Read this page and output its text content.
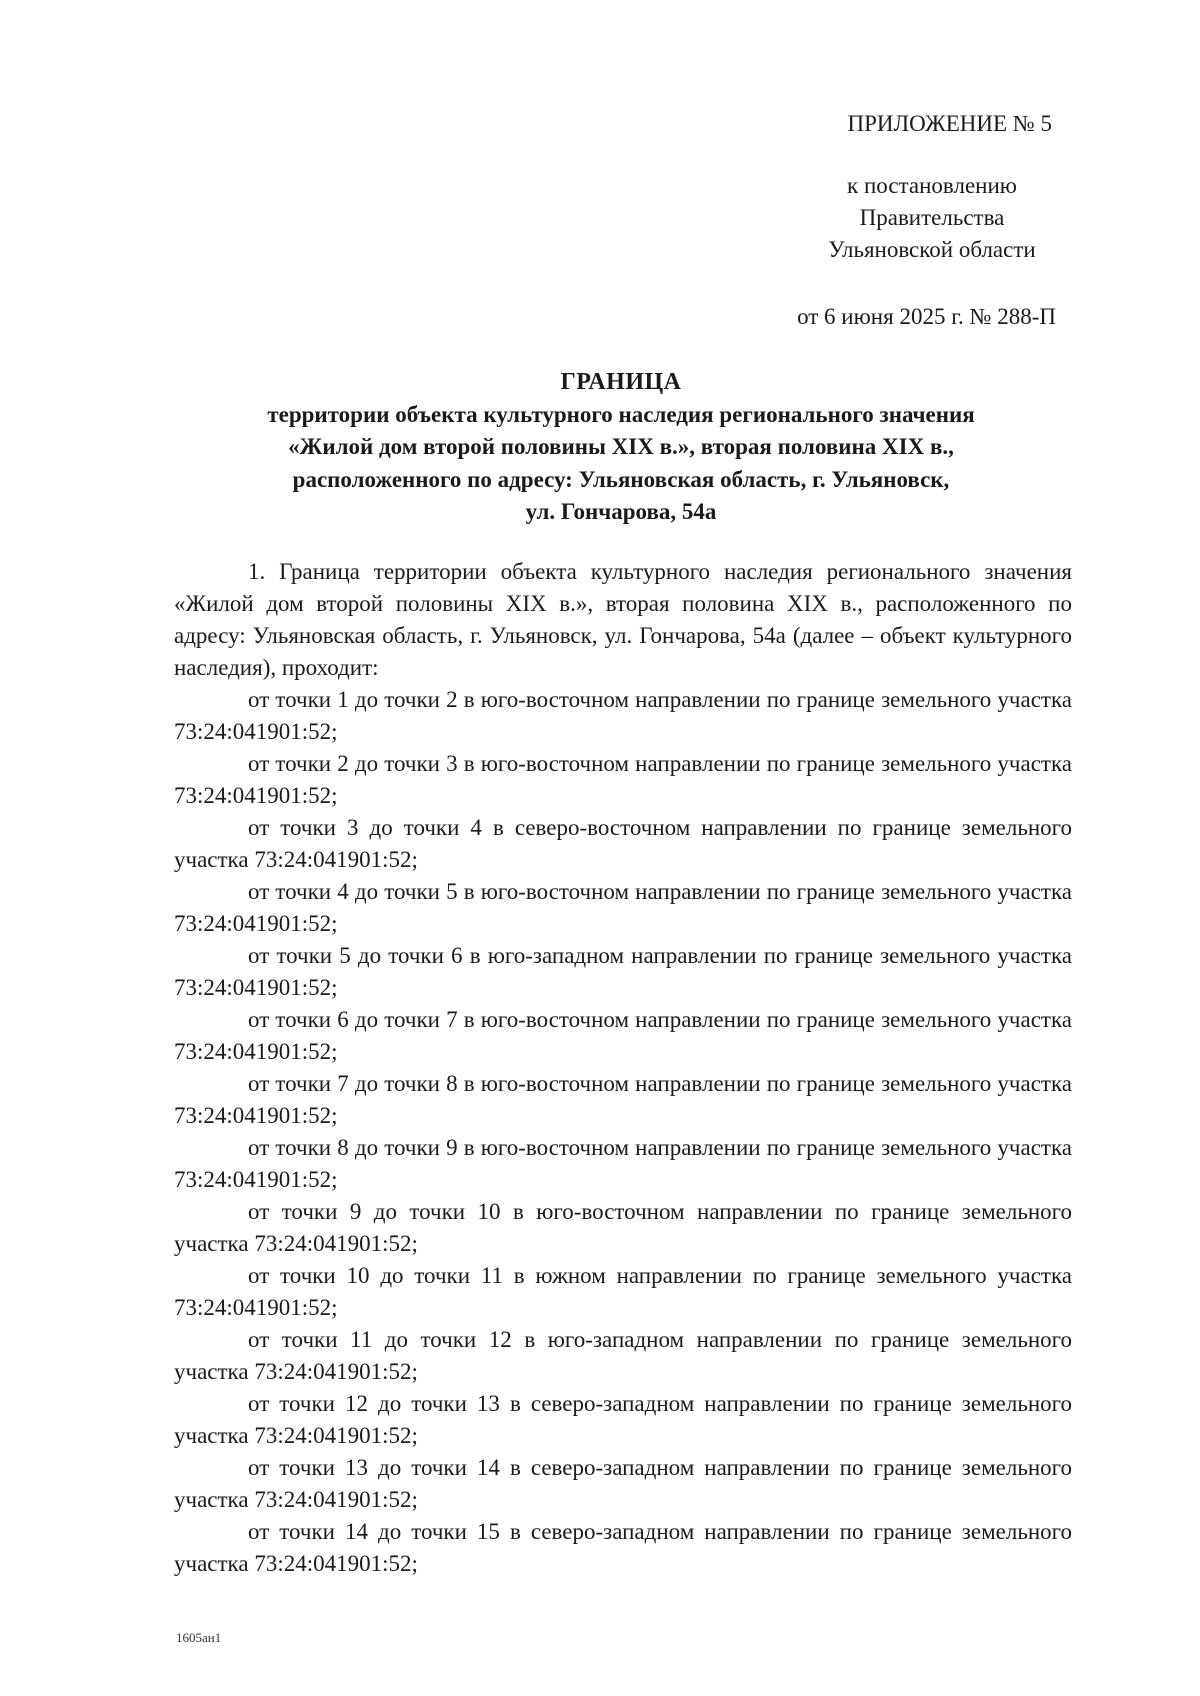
ПРИЛОЖЕНИЕ № 5
к постановлению Правительства
Ульяновской области
от 6 июня 2025 г. № 288-П
ГРАНИЦА
территории объекта культурного наследия регионального значения
«Жилой дом второй половины XIX в.», вторая половина XIX в.,
расположенного по адресу: Ульяновская область, г. Ульяновск,
ул. Гончарова, 54а

1. Граница территории объекта культурного наследия регионального значения «Жилой дом второй половины XIX в.», вторая половина XIX в., расположенного по адресу: Ульяновская область, г. Ульяновск, ул. Гончарова, 54а (далее – объект культурного наследия), проходит:

от точки 1 до точки 2 в юго-восточном направлении по границе земельного участка 73:24:041901:52;

от точки 2 до точки 3 в юго-восточном направлении по границе земельного участка 73:24:041901:52;

от точки 3 до точки 4 в северо-восточном направлении по границе земельного участка 73:24:041901:52;

от точки 4 до точки 5 в юго-восточном направлении по границе земельного участка 73:24:041901:52;

от точки 5 до точки 6 в юго-западном направлении по границе земельного участка 73:24:041901:52;

от точки 6 до точки 7 в юго-восточном направлении по границе земельного участка 73:24:041901:52;

от точки 7 до точки 8 в юго-восточном направлении по границе земельного участка 73:24:041901:52;

от точки 8 до точки 9 в юго-восточном направлении по границе земельного участка 73:24:041901:52;

от точки 9 до точки 10 в юго-восточном направлении по границе земельного участка 73:24:041901:52;

от точки 10 до точки 11 в южном направлении по границе земельного участка 73:24:041901:52;

от точки 11 до точки 12 в юго-западном направлении по границе земельного участка 73:24:041901:52;

от точки 12 до точки 13 в северо-западном направлении по границе земельного участка 73:24:041901:52;

от точки 13 до точки 14 в северо-западном направлении по границе земельного участка 73:24:041901:52;

от точки 14 до точки 15 в северо-западном направлении по границе земельного участка 73:24:041901:52;

1605ан1
